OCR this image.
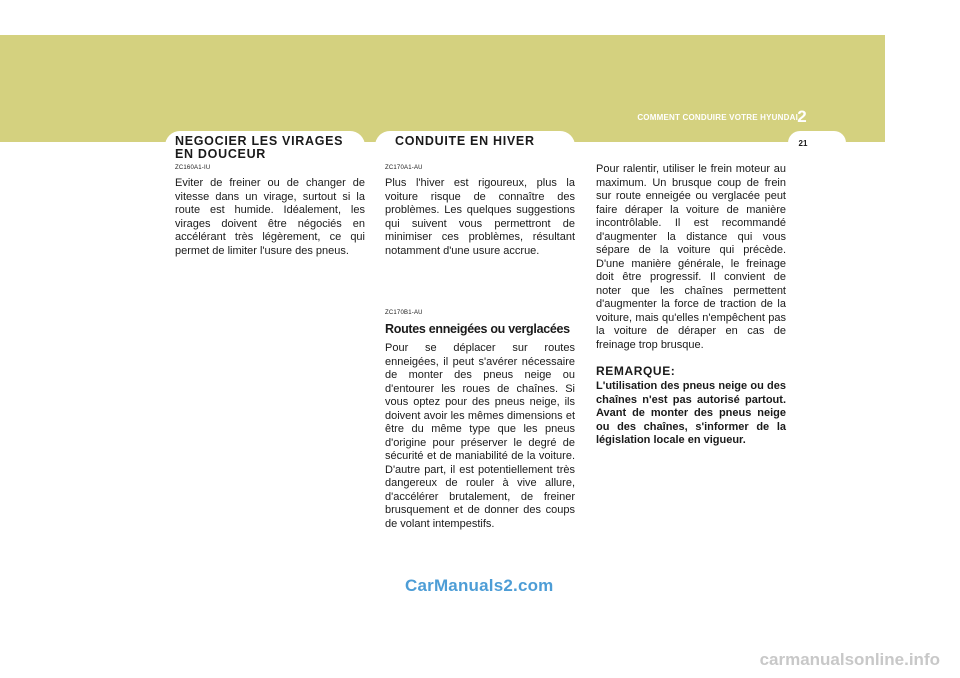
COMMENT CONDUIRE VOTRE HYUNDAI 2
21
NEGOCIER LES VIRAGES EN DOUCEUR
CONDUITE EN HIVER

ZC160A1-IU

Eviter de freiner ou de changer de vitesse dans un virage, surtout si la route est humide. Idéalement, les virages doivent être négociés en accélérant très légèrement, ce qui permet de limiter l'usure des pneus.

ZC170A1-AU

Plus l'hiver est rigoureux, plus la voiture risque de connaître des problèmes. Les quelques suggestions qui suivent vous permettront de minimiser ces problèmes, résultant notamment d'une usure accrue.

ZC170B1-AU

Routes enneigées ou verglacées

Pour se déplacer sur routes enneigées, il peut s'avérer nécessaire de monter des pneus neige ou d'entourer les roues de chaînes. Si vous optez pour des pneus neige, ils doivent avoir les mêmes dimensions et être du même type que les pneus d'origine pour préserver le degré de sécurité et de maniabilité de la voiture. D'autre part, il est potentiellement très dangereux de rouler à vive allure, d'accélérer brutalement, de freiner brusquement et de donner des coups de volant intempestifs.

Pour ralentir, utiliser le frein moteur au maximum. Un brusque coup de frein sur route enneigée ou verglacée peut faire déraper la voiture de manière incontrôlable. Il est recommandé d'augmenter la distance qui vous sépare de la voiture qui précède. D'une manière générale, le freinage doit être progressif. Il convient de noter que les chaînes permettent d'augmenter la force de traction de la voiture, mais qu'elles n'empêchent pas la voiture de déraper en cas de freinage trop brusque.

REMARQUE:

L'utilisation des pneus neige ou des chaînes n'est pas autorisé partout. Avant de monter des pneus neige ou des chaînes, s'informer de la législation locale en vigueur.

CarManuals2.com
carmanualsonline.info
